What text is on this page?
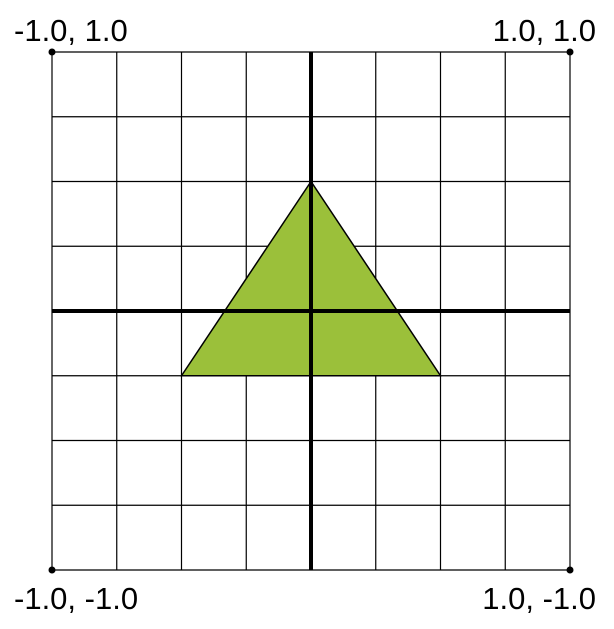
-1.0, 1.0	1.0, 1.0
-1.0, -1.0	1.0, -1.0
